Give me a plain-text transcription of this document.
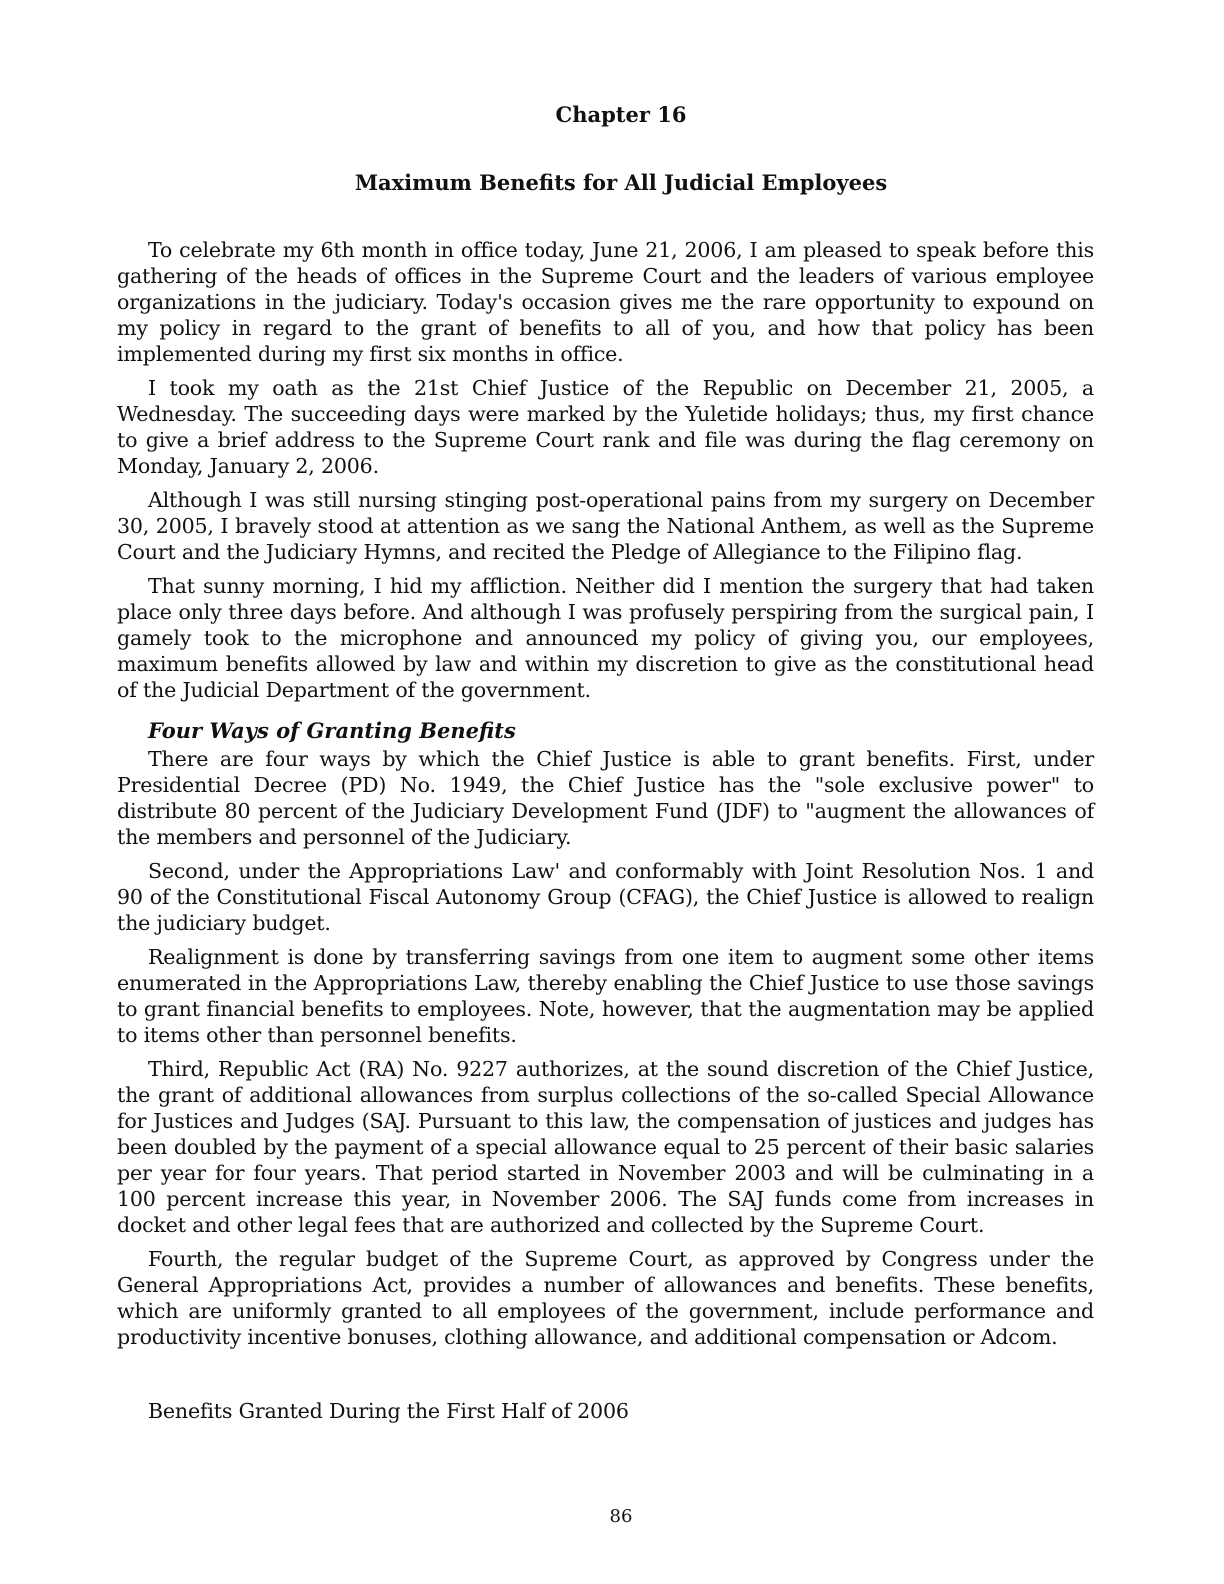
Chapter 16
Maximum Benefits for All Judicial Employees

To celebrate my 6th month in office today, June 21, 2006, I am pleased to speak before this gathering of the heads of offices in the Supreme Court and the leaders of various employee organizations in the judiciary. Today's occasion gives me the rare opportunity to expound on my policy in regard to the grant of benefits to all of you, and how that policy has been implemented during my first six months in office.

I took my oath as the 21st Chief Justice of the Republic on December 21, 2005, a Wednesday. The succeeding days were marked by the Yuletide holidays; thus, my first chance to give a brief address to the Supreme Court rank and file was during the flag ceremony on Monday, January 2, 2006.

Although I was still nursing stinging post-operational pains from my surgery on December 30, 2005, I bravely stood at attention as we sang the National Anthem, as well as the Supreme Court and the Judiciary Hymns, and recited the Pledge of Allegiance to the Filipino flag.

That sunny morning, I hid my affliction. Neither did I mention the surgery that had taken place only three days before. And although I was profusely perspiring from the surgical pain, I gamely took to the microphone and announced my policy of giving you, our employees, maximum benefits allowed by law and within my discretion to give as the constitutional head of the Judicial Department of the government.

Four Ways of Granting Benefits

There are four ways by which the Chief Justice is able to grant benefits. First, under Presidential Decree (PD) No. 1949, the Chief Justice has the "sole exclusive power" to distribute 80 percent of the Judiciary Development Fund (JDF) to "augment the allowances of the members and personnel of the Judiciary.

Second, under the Appropriations Law' and conformably with Joint Resolution Nos. 1 and 90 of the Constitutional Fiscal Autonomy Group (CFAG), the Chief Justice is allowed to realign the judiciary budget.

Realignment is done by transferring savings from one item to augment some other items enumerated in the Appropriations Law, thereby enabling the Chief Justice to use those savings to grant financial benefits to employees. Note, however, that the augmentation may be applied to items other than personnel benefits.

Third, Republic Act (RA) No. 9227 authorizes, at the sound discretion of the Chief Justice, the grant of additional allowances from surplus collections of the so-called Special Allowance for Justices and Judges (SAJ. Pursuant to this law, the compensation of justices and judges has been doubled by the payment of a special allowance equal to 25 percent of their basic salaries per year for four years. That period started in November 2003 and will be culminating in a 100 percent increase this year, in November 2006. The SAJ funds come from increases in docket and other legal fees that are authorized and collected by the Supreme Court.

Fourth, the regular budget of the Supreme Court, as approved by Congress under the General Appropriations Act, provides a number of allowances and benefits. These benefits, which are uniformly granted to all employees of the government, include performance and productivity incentive bonuses, clothing allowance, and additional compensation or Adcom.

Benefits Granted During the First Half of 2006

86
